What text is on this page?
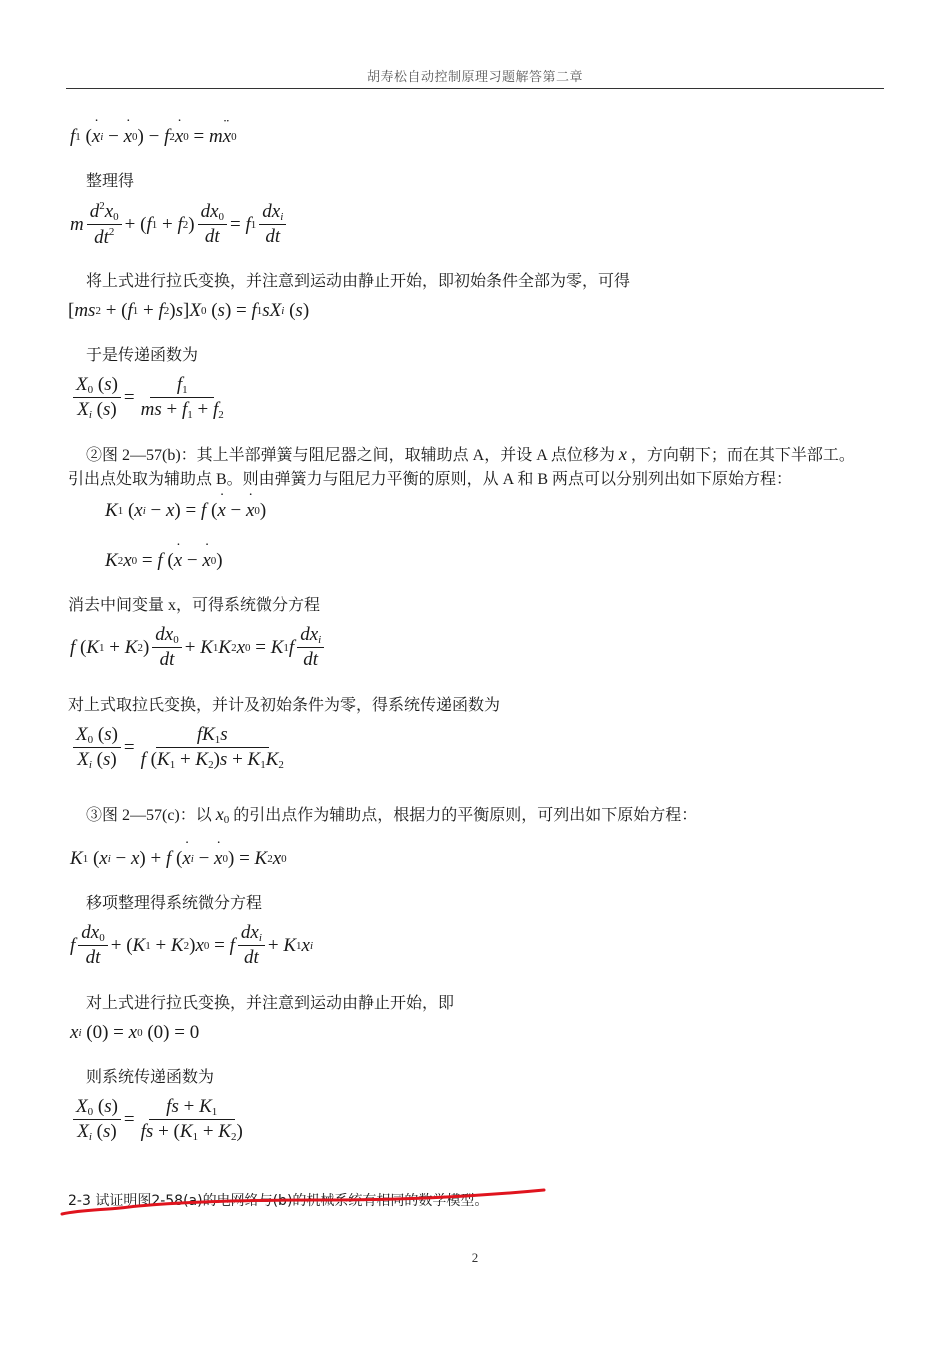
胡寿松自动控制原理习题解答第二章
f 1
( ˙ x i
−
˙ x 0 )
− f 2 ˙ x 0
= m ¨ x 0
整理得
m $\frac{d^2x_0}{dt^2}$ +
( f 1
+ f 2 ) $\frac{dx_0}{dt} = f$ $1 \frac{dx_i}{dt}$
将上式进行拉氏变换，并注意到运动由静止开始，即初始条件全部为零，可得
[ ms 2
+
( f 1
+ f 2 ) s ] X 0
( s )
= f 1 sX i
( s )
于是传递函数为
$\frac{X_0 (s)}{X_i (s)} = \frac{f_1}{ms + f_1 + f_2}$
②图 2—57(b)：其上半部弹簧与阻尼器之间，取辅助点 A，并设 A 点位移为 x ，方向朝下；而在其下半部工。
引出点处取为辅助点 B。则由弹簧力与阻尼力平衡的原则，从 A 和 B 两点可以分别列出如下原始方程：
K 1
( x i
− x )
= f ( ˙ x
−
˙ x 0 )
K 2 x 0
= f ( ˙ x
−
˙ x 0 )
消去中间变量 x，可得系统微分方程
f ( K 1
+ K 2 ) $\frac{dx_0}{dt} + K$ 1 K 2 x 0
= K 1 f $\frac{dx_i}{dt}$
对上式取拉氏变换，并计及初始条件为零，得系统传递函数为
$\frac{X_0 (s)}{X_i (s)} = \frac{fK_1s}{f (K_1 + K_2)s + K_1K_2}$
③图 2—57(c)：以 $x_0$ 的引出点作为辅助点，根据力的平衡原则，可列出如下原始方程：
K 1
( x i
− x )
+ f ( ˙ x i
−
˙ x 0 )
= K 2 x 0
移项整理得系统微分方程
f $\frac{dx_0}{dt}$ +
( K 1
+ K 2 ) x 0
= f $\frac{dx_i}{dt} + K$ 1 x i
对上式进行拉氏变换，并注意到运动由静止开始，即
x i
(0)
= x 0
(0)
=
0
则系统传递函数为
$\frac{X_0 (s)}{X_i (s)} = \frac{fs + K_1}{fs + (K_1 + K_2)}$
2-3 试证明图2-58(a)的电网络与(b)的机械系统有相同的数学模型。
2
